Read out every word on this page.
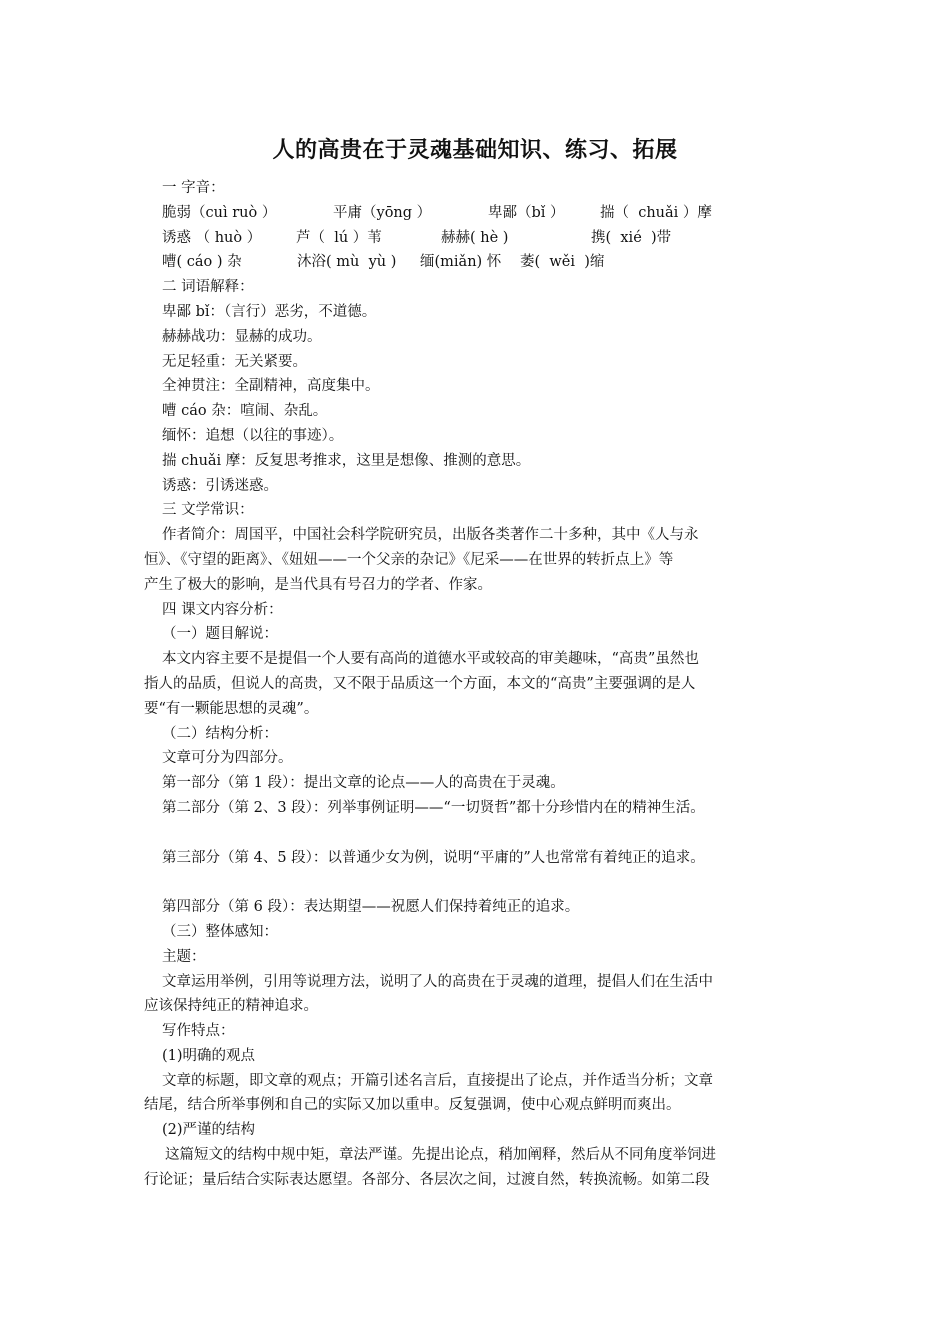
人的高贵在于灵魂基础知识、练习、拓展
一 字音：
脆弱（cuì ruò ）	平庸（yōng ）	卑鄙（bǐ ）	揣（  chuǎi ）摩
诱惑 （ huò ）	芦（  lú ）苇	赫赫( hè )	携(  xié  )带
嘈( cáo ) 杂	沐浴( mù  yù )	缅(miǎn) 怀	萎(  wěi  )缩
二 词语解释：
卑鄙 bǐ：（言行）恶劣，不道德。
赫赫战功：显赫的成功。
无足轻重：无关紧要。
全神贯注：全副精神，高度集中。
嘈 cáo 杂：喧闹、杂乱。
缅怀：追想（以往的事迹）。
揣 chuǎi 摩：反复思考推求，这里是想像、推测的意思。
诱惑：引诱迷惑。
三 文学常识：
作者简介：周国平，中国社会科学院研究员，出版各类著作二十多种，其中《人与永
恒》、《守望的距离》、《妞妞——一个父亲的杂记》《尼采——在世界的转折点上》等
产生了极大的影响，是当代具有号召力的学者、作家。
四 课文内容分析：
（一）题目解说：
本文内容主要不是提倡一个人要有高尚的道德水平或较高的审美趣味，“高贵”虽然也
指人的品质，但说人的高贵，又不限于品质这一个方面，本文的“高贵”主要强调的是人
要“有一颗能思想的灵魂”。
（二）结构分析：
文章可分为四部分。
第一部分（第 1 段）：提出文章的论点——人的高贵在于灵魂。
第二部分（第 2、3 段）：列举事例证明——“一切贤哲”都十分珍惜内在的精神生活。
第三部分（第 4、5 段）：以普通少女为例，说明“平庸的”人也常常有着纯正的追求。
第四部分（第 6 段）：表达期望——祝愿人们保持着纯正的追求。
（三）整体感知：
主题：
文章运用举例，引用等说理方法，说明了人的高贵在于灵魂的道理，提倡人们在生活中
应该保持纯正的精神追求。
写作特点：
(1)明确的观点
文章的标题，即文章的观点；开篇引述名言后，直接提出了论点，并作适当分析；文章
结尾，结合所举事例和自己的实际又加以重申。反复强调，使中心观点鲜明而爽出。
(2)严谨的结构
这篇短文的结构中规中矩，章法严谨。先提出论点，稍加阐释，然后从不同角度举饲进
行论证；量后结合实际表达愿望。各部分、各层次之间，过渡自然，转换流畅。如第二段
